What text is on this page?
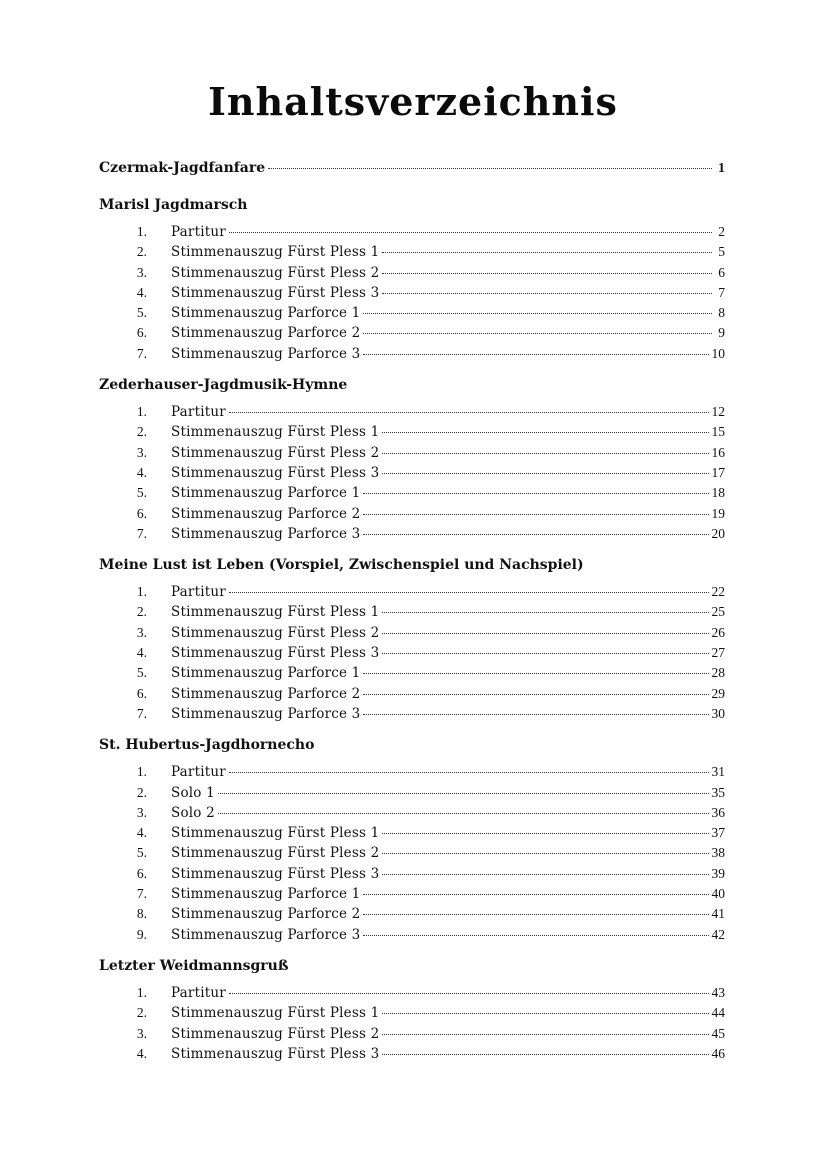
Inhaltsverzeichnis
Czermak-Jagdfanfare	1
Marisl Jagdmarsch
1. Partitur	2
2. Stimmenauszug Fürst Pless 1	5
3. Stimmenauszug Fürst Pless 2	6
4. Stimmenauszug Fürst Pless 3	7
5. Stimmenauszug Parforce 1	8
6. Stimmenauszug Parforce 2	9
7. Stimmenauszug Parforce 3	10
Zederhauser-Jagdmusik-Hymne
1. Partitur	12
2. Stimmenauszug Fürst Pless 1	15
3. Stimmenauszug Fürst Pless 2	16
4. Stimmenauszug Fürst Pless 3	17
5. Stimmenauszug Parforce 1	18
6. Stimmenauszug Parforce 2	19
7. Stimmenauszug Parforce 3	20
Meine Lust ist Leben (Vorspiel, Zwischenspiel und Nachspiel)
1. Partitur	22
2. Stimmenauszug Fürst Pless 1	25
3. Stimmenauszug Fürst Pless 2	26
4. Stimmenauszug Fürst Pless 3	27
5. Stimmenauszug Parforce 1	28
6. Stimmenauszug Parforce 2	29
7. Stimmenauszug Parforce 3	30
St. Hubertus-Jagdhornecho
1. Partitur	31
2. Solo 1	35
3. Solo 2	36
4. Stimmenauszug Fürst Pless 1	37
5. Stimmenauszug Fürst Pless 2	38
6. Stimmenauszug Fürst Pless 3	39
7. Stimmenauszug Parforce 1	40
8. Stimmenauszug Parforce 2	41
9. Stimmenauszug Parforce 3	42
Letzter Weidmannsgruß
1. Partitur	43
2. Stimmenauszug Fürst Pless 1	44
3. Stimmenauszug Fürst Pless 2	45
4. Stimmenauszug Fürst Pless 3	46
